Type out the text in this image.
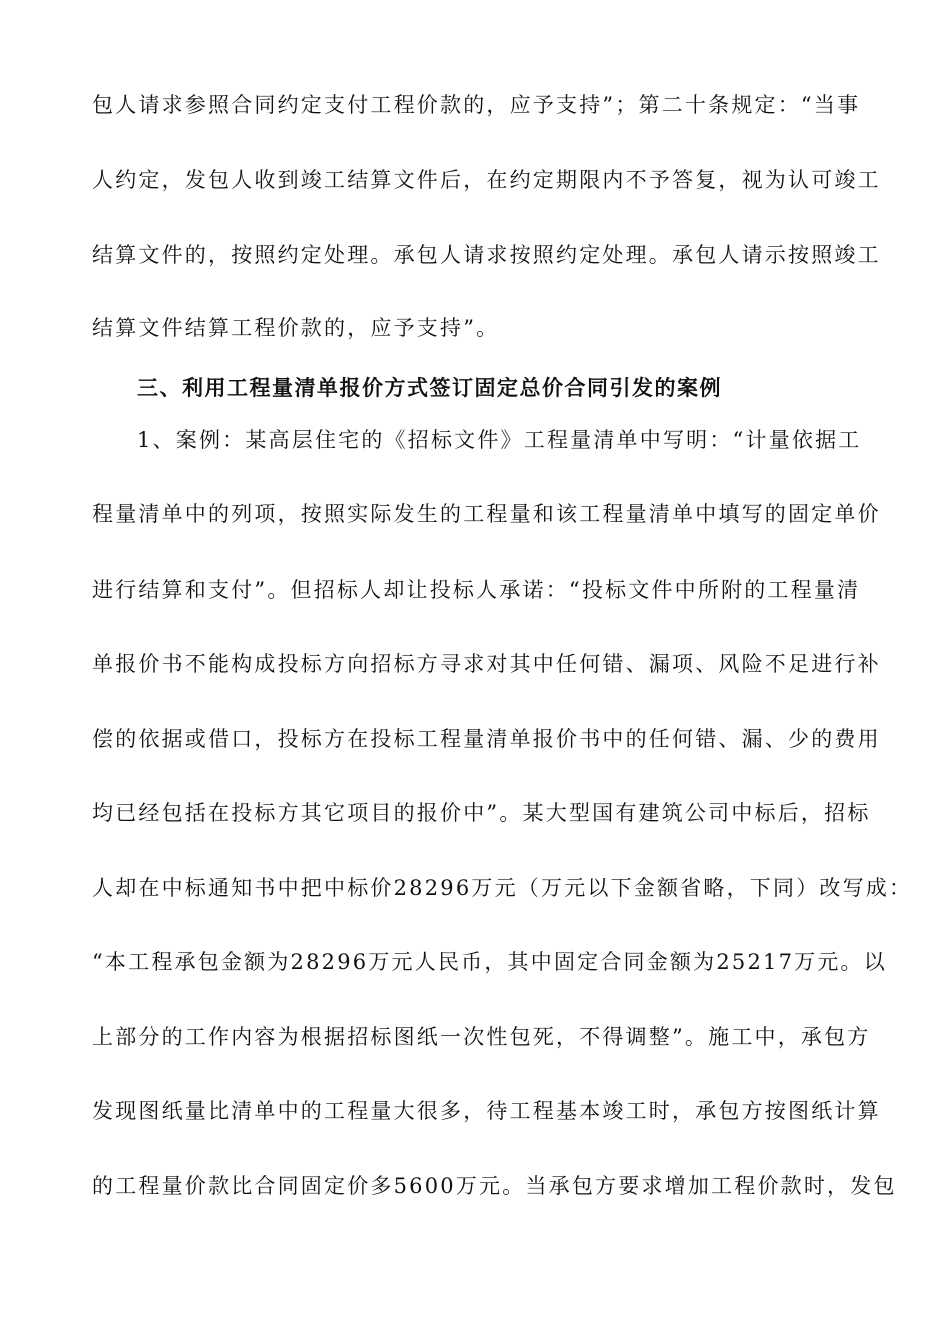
包人请求参照合同约定支付工程价款的，应予支持”；第二十条规定：“当事
人约定，发包人收到竣工结算文件后，在约定期限内不予答复，视为认可竣工
结算文件的，按照约定处理。承包人请求按照约定处理。承包人请示按照竣工
结算文件结算工程价款的，应予支持”。
三、利用工程量清单报价方式签订固定总价合同引发的案例
1、案例：某高层住宅的《招标文件》工程量清单中写明：“计量依据工
程量清单中的列项，按照实际发生的工程量和该工程量清单中填写的固定单价
进行结算和支付”。但招标人却让投标人承诺：“投标文件中所附的工程量清
单报价书不能构成投标方向招标方寻求对其中任何错、漏项、风险不足进行补
偿的依据或借口，投标方在投标工程量清单报价书中的任何错、漏、少的费用
均已经包括在投标方其它项目的报价中”。某大型国有建筑公司中标后，招标
人却在中标通知书中把中标价28296万元（万元以下金额省略，下同）改写成：
“本工程承包金额为28296万元人民币，其中固定合同金额为25217万元。以
上部分的工作内容为根据招标图纸一次性包死，不得调整”。施工中，承包方
发现图纸量比清单中的工程量大很多，待工程基本竣工时，承包方按图纸计算
的工程量价款比合同固定价多5600万元。当承包方要求增加工程价款时，发包
